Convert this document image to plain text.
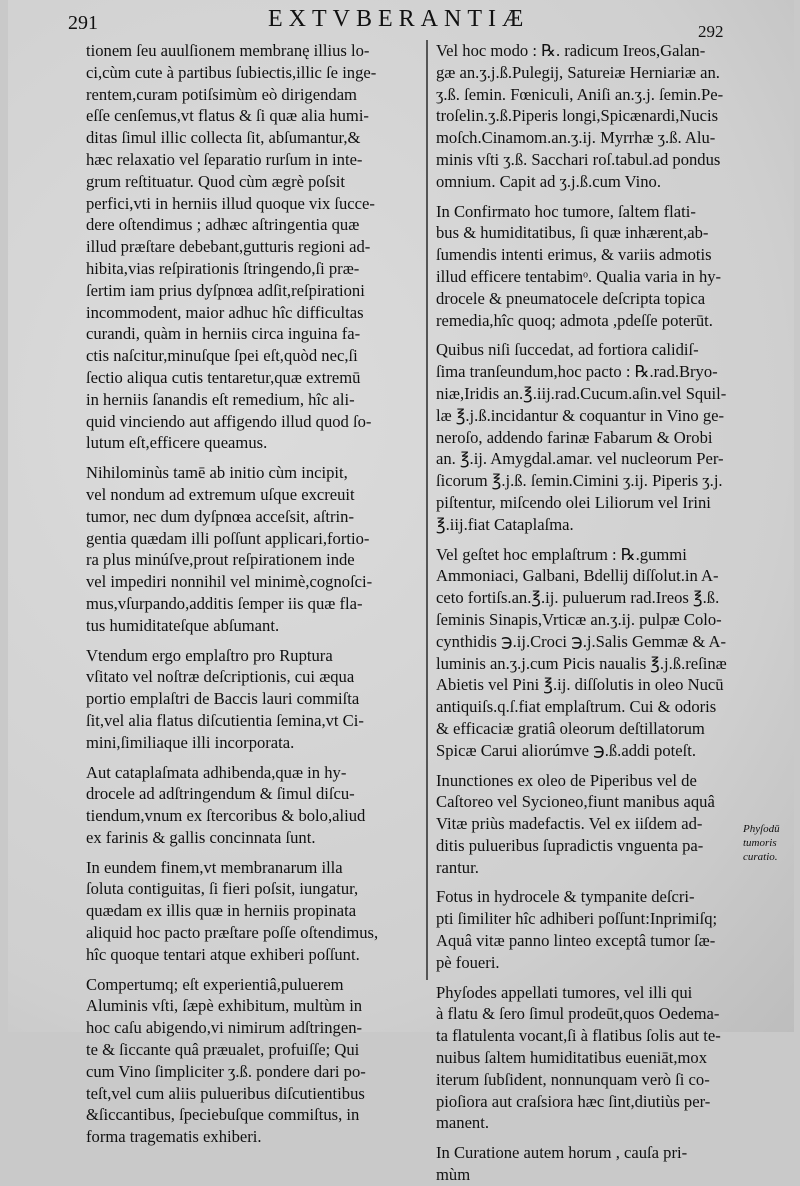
291	EXTVBERANTIÆ	292

tionem ſeu auulſionem membranę illius lo-
ci,cùm cute à partibus ſubiectis,illic ſe inge-
rentem,curam potiſsimùm eò dirigendam
eſſe cenſemus,vt flatus & ſi quæ alia humi-
ditas ſimul illic collecta ſit, abſumantur,&
hæc relaxatio vel ſeparatio rurſum in inte-
grum reſtituatur. Quod cùm ægrè poſsit
perfici,vti in herniis illud quoque vix ſucce-
dere oſtendimus ; adhæc aſtringentia quæ
illud præſtare debebant,gutturis regioni ad-
hibita,vias reſpirationis ſtringendo,ſi præ-
ſertim iam prius dyſpnœa adſit,reſpirationi
incommodent, maior adhuc hîc difficultas
curandi, quàm in herniis circa inguina fa-
ctis naſcitur,minuſque ſpei eſt,quòd nec,ſi
ſectio aliqua cutis tentaretur,quæ extremū
in herniis ſanandis eſt remedium, hîc ali-
quid vinciendo aut affigendo illud quod ſo-
lutum eſt,efficere queamus.

Nihilominùs tamē ab initio cùm incipit,
vel nondum ad extremum uſque excreuit
tumor, nec dum dyſpnœa acceſsit, aſtrin-
gentia quædam illi poſſunt applicari,fortio-
ra plus minúſve,prout reſpirationem inde
vel impediri nonnihil vel minimè,cognoſci-
mus,vſurpando,additis ſemper iis quæ fla-
tus humiditateſque abſumant.

Vtendum ergo emplaſtro pro Ruptura
vſitato vel noſtræ deſcriptionis, cui æqua
portio emplaſtri de Baccis lauri commiſta
ſit,vel alia flatus diſcutientia ſemina,vt Ci-
mini,ſimiliaque illi incorporata.

Aut cataplaſmata adhibenda,quæ in hy-
drocele ad adſtringendum & ſimul diſcu-
tiendum,vnum ex ſtercoribus & bolo,aliud
ex farinis & gallis concinnata ſunt.

In eundem finem,vt membranarum illa
ſoluta contiguitas, ſi fieri poſsit, iungatur,
quædam ex illis quæ in herniis propinata
aliquid hoc pacto præſtare poſſe oſtendimus,
hîc quoque tentari atque exhiberi poſſunt.

Compertumq; eſt experientiâ,puluerem
Aluminis vſti, ſæpè exhibitum, multùm in
hoc caſu abigendo,vi nimirum adſtringen-
te & ſiccante quâ præualet, profuiſſe; Qui
cum Vino ſimpliciter ʒ.ß. pondere dari po-
teſt,vel cum aliis pulueribus diſcutientibus
&ſiccantibus, ſpeciebuſque commiſtus, in
forma tragematis exhiberi.

Vel hoc modo : ℞. radicum Ireos,Galan-
gæ an.ʒ.j.ß.Pulegij, Satureiæ Herniariæ an.
ʒ.ß. ſemin. Fœniculi, Aniſi an.ʒ.j. ſemin.Pe-
troſelin.ʒ.ß.Piperis longi,Spicænardi,Nucis
moſch.Cinamom.an.ʒ.ij. Myrrhæ ʒ.ß. Alu-
minis vſti ʒ.ß. Sacchari roſ.tabul.ad pondus
omnium. Capit ad ʒ.j.ß.cum Vino.

In Confirmato hoc tumore, ſaltem flati-
bus & humiditatibus, ſi quæ inhærent,ab-
ſumendis intenti erimus, & variis admotis
illud efficere tentabimᵒ. Qualia varia in hy-
drocele & pneumatocele deſcripta topica
remedia,hîc quoq; admota ,pdeſſe poterūt.

Quibus niſi ſuccedat, ad fortiora calidiſ-
ſima tranſeundum,hoc pacto : ℞.rad.Bryo-
niæ,Iridis an.℥.iij.rad.Cucum.aſin.vel Squil-
læ ℥.j.ß.incidantur & coquantur in Vino ge-
neroſo, addendo farinæ Fabarum & Orobi
an. ℥.ij. Amygdal.amar. vel nucleorum Per-
ſicorum ℥.j.ß. ſemin.Cimini ʒ.ij. Piperis ʒ.j.
piſtentur, miſcendo olei Liliorum vel Irini
℥.iij.fiat Cataplaſma.

Vel geſtet hoc emplaſtrum : ℞.gummi
Ammoniaci, Galbani, Bdellij diſſolut.in A-
ceto fortiſs.an.℥.ij. puluerum rad.Ireos ℥.ß.
ſeminis Sinapis,Vrticæ an.ʒ.ij. pulpæ Colo-
cynthidis ℈.ij.Croci ℈.j.Salis Gemmæ & A-
luminis an.ʒ.j.cum Picis naualis ℥.j.ß.reſinæ
Abietis vel Pini ℥.ij. diſſolutis in oleo Nucū
antiquiſs.q.ſ.fiat emplaſtrum. Cui & odoris
& efficaciæ gratiâ oleorum deſtillatorum
Spicæ Carui aliorúmve ℈.ß.addi poteſt.

Inunctiones ex oleo de Piperibus vel de
Caſtoreo vel Sycioneo,fiunt manibus aquâ
Vitæ priùs madefactis. Vel ex iiſdem ad-
ditis pulueribus ſupradictis vnguenta pa-
rantur.

Fotus in hydrocele & tympanite deſcri-
pti ſimiliter hîc adhiberi poſſunt:Inprimiſq;
Aquâ vitæ panno linteo exceptâ tumor ſæ-
pè foueri.

Phyſodes appellati tumores, vel illi qui
à flatu & ſero ſimul prodeūt,quos Oedema-
ta flatulenta vocant,ſi à flatibus ſolis aut te-
nuibus ſaltem humiditatibus eueniāt,mox
iterum ſubſident, nonnunquam verò ſi co-
pioſiora aut craſsiora hæc ſint,diutiùs per-
manent.

In Curatione autem horum , cauſa pri-
mùm

Phyſodū
tumoris
curatio.
